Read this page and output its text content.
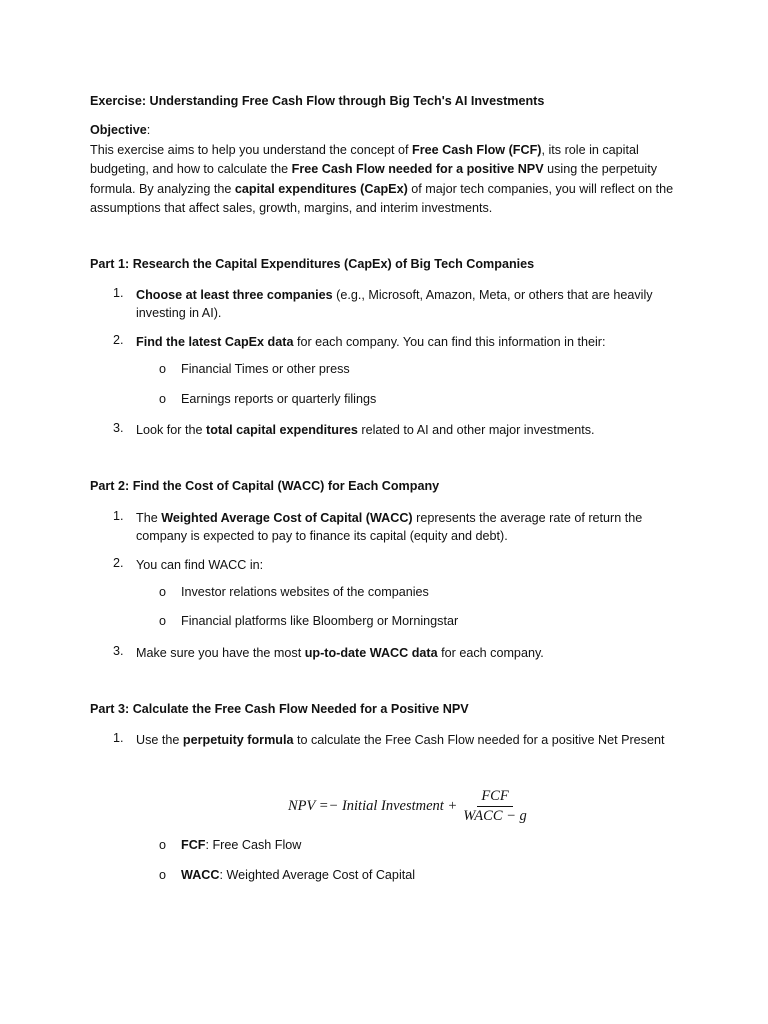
Exercise: Understanding Free Cash Flow through Big Tech's AI Investments
Objective:
This exercise aims to help you understand the concept of Free Cash Flow (FCF), its role in capital budgeting, and how to calculate the Free Cash Flow needed for a positive NPV using the perpetuity formula. By analyzing the capital expenditures (CapEx) of major tech companies, you will reflect on the assumptions that affect sales, growth, margins, and interim investments.
Part 1: Research the Capital Expenditures (CapEx) of Big Tech Companies
1. Choose at least three companies (e.g., Microsoft, Amazon, Meta, or others that are heavily investing in AI).
2. Find the latest CapEx data for each company. You can find this information in their:
o Financial Times or other press
o Earnings reports or quarterly filings
3. Look for the total capital expenditures related to AI and other major investments.
Part 2: Find the Cost of Capital (WACC) for Each Company
1. The Weighted Average Cost of Capital (WACC) represents the average rate of return the company is expected to pay to finance its capital (equity and debt).
2. You can find WACC in:
o Investor relations websites of the companies
o Financial platforms like Bloomberg or Morningstar
3. Make sure you have the most up-to-date WACC data for each company.
Part 3: Calculate the Free Cash Flow Needed for a Positive NPV
1. Use the perpetuity formula to calculate the Free Cash Flow needed for a positive Net Present
NPV =− Initial Investment + $\frac{\text{FCF}}{\text{WACC − g}}$
o FCF: Free Cash Flow
o WACC: Weighted Average Cost of Capital
